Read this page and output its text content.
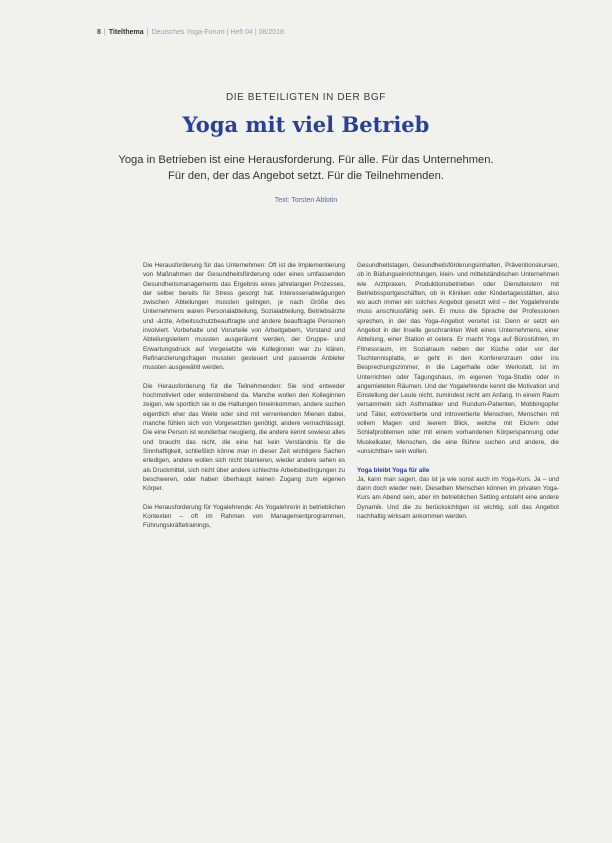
8 | Titelthema | Deutsches Yoga-Forum | Heft 04 | 08/2018
DIE BETEILIGTEN IN DER BGF
Yoga mit viel Betrieb
Yoga in Betrieben ist eine Herausforderung. Für alle. Für das Unternehmen.
Für den, der das Angebot setzt. Für die Teilnehmenden.
Text: Torsten Ablotin

Die Herausforderung für das Unternehmen: Oft ist die Implementierung von Maßnahmen der Gesundheitsförderung oder eines umfassenden Gesundheitsmanagements das Ergebnis eines jahrelangen Prozesses, der selber bereits für Stress gesorgt hat. Interessenabwägungen zwischen Abteilungen mussten gelingen, je nach Größe des Unternehmens waren Personalabteilung, Sozialabteilung, Betriebsärzte und -ärzte, Arbeitsschutzbeauftragte und andere beauftragte Personen involviert. Vorbehalte und Vorurteile von Arbeitgebern, Vorstand und Abteilungsleitern mussten ausgeräumt werden, der Gruppe- und Erwartungsdruck auf Vorgesetzte wie Kolleginnen war zu klären, Refinanzierungsfragen mussten gesteuert und passende Anbieter mussten ausgewählt werden.

Die Herausforderung für die Teilnehmenden: Sie sind entweder hochmotiviert oder widerstrebend da. Manche wollen den Kolleginnen zeigen, wie sportlich sie in die Haltungen hineinkommen, andere suchen eigentlich eher das Weite oder sind mit verrenkenden Mienen dabei, manche fühlen sich von Vorgesetzten genötigt, andere vernachlässigt. Die eine Person ist wunderbar neugierig, die andere kennt sowieso alles und braucht das nicht, die eine hat kein Verständnis für die Sinnhaftigkeit, schließlich könne man in dieser Zeit wichtigere Sachen erledigen, andere wollen sich nicht blamieren, wieder andere sehen es als Druckmittel, sich nicht über andere schlechte Arbeitsbedingungen zu beschweren, oder haben überhaupt keinen Zugang zum eigenen Körper.

Die Herausforderung für Yogalehrende: Als Yogalehrerin in betrieblichen Kontexten – oft im Rahmen von Managementprogrammen, Führungskräftetrainings,

Gesundheitstagen, Gesundheitsförderungsinhalten, Präventionskursen, ob in Büdungseinrichtungen, klein- und mittelständischen Unternehmen wie Arztpraxen, Produktionsbetrieben oder Dienstleistern mit Betriebssportgeschäften, ob in Kliniken oder Kindertagesstätten, also wo auch immer ein solches Angebot gesetzt wird – der Yogalehrende muss anschlussfähig sein. Er muss die Sprache der Professionen sprechen, in der das Yoga-Angebot verortet ist. Denn er setzt ein Angebot in der Inselle geschrankten Welt eines Unternehmens, einer Abteilung, einer Station et cetera. Er macht Yoga auf Bürostühlen, im Fitnessraum, im Sozialraum neben der Küche oder vor der Tischtennisplatte, er geht in den Konferenzraum oder ins Besprechungszimmer, in die Lagerhalle oder Werkstatt, ist im Unterrichten oder Tagungshaus, im eigenen Yoga-Studio oder in angemieteten Räumen. Und der Yogalehrende kennt die Motivation und Einstellung der Leute nicht, zumindest nicht am Anfang. In einem Raum versammeln sich Asthmatiker und Rundum-Patienten, Mobbingopfer und Täter, extrovertierte und introvertierte Menschen, Menschen mit vollem Magen und leerem Blick, welche mit Ekzem oder Schlafproblemen oder mit einem vorhandenen Körperspannung oder Muskelkater, Menschen, die eine Bühne suchen und andere, die »unsichtbar« sein wollen.

Yoga bleibt Yoga für alle

Ja, kann man sagen, das ist ja wie sonst auch im Yoga-Kurs. Ja – und dann doch wieder nein. Dieselben Menschen können im privaten Yoga-Kurs am Abend sein, aber im betrieblichen Setting entsteht eine andere Dynamik. Und die zu berücksichtigen ist wichtig, soll das Angebot nachhaltig wirksam ankommen werden.
